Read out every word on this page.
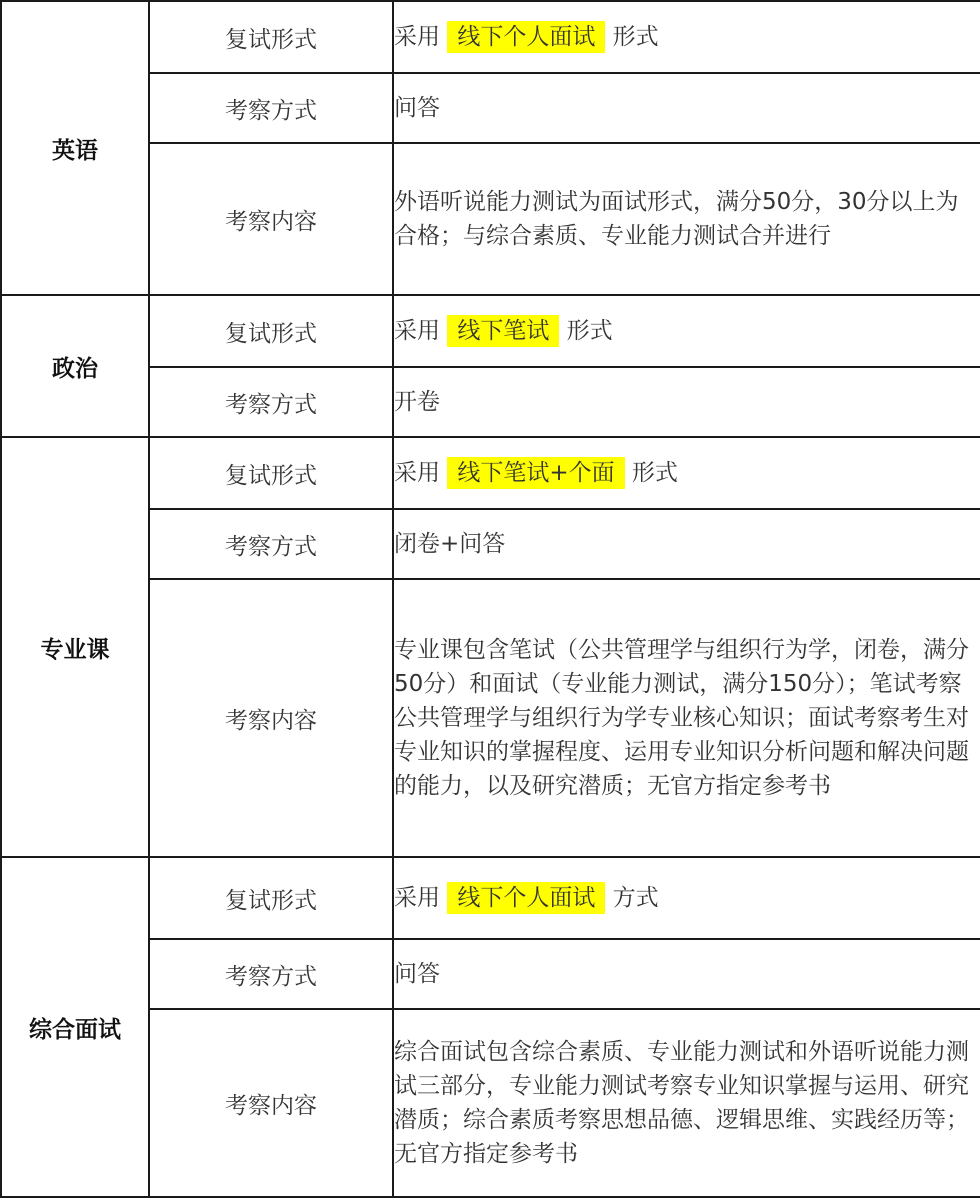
英语	复试形式	采用 线下个人面试 形式
	考察方式	问答
	考察内容	外语听说能力测试为面试形式，满分50分，30分以上为合格；与综合素质、专业能力测试合并进行

政治	复试形式	采用 线下笔试 形式
	考察方式	开卷
专业课	复试形式	采用 线下笔试+个面 形式
	考察方式	闭卷+问答
	考察内容	专业课包含笔试（公共管理学与组织行为学，闭卷，满分50分）和面试（专业能力测试，满分150分）；笔试考察公共管理学与组织行为学专业核心知识；面试考察考生对专业知识的掌握程度、运用专业知识分析问题和解决问题的能力，以及研究潜质；无官方指定参考书

综合面试	复试形式	采用 线下个人面试 方式
	考察方式	问答
	考察内容	综合面试包含综合素质、专业能力测试和外语听说能力测试三部分，专业能力测试考察专业知识掌握与运用、研究潜质；综合素质考察思想品德、逻辑思维、实践经历等；无官方指定参考书
